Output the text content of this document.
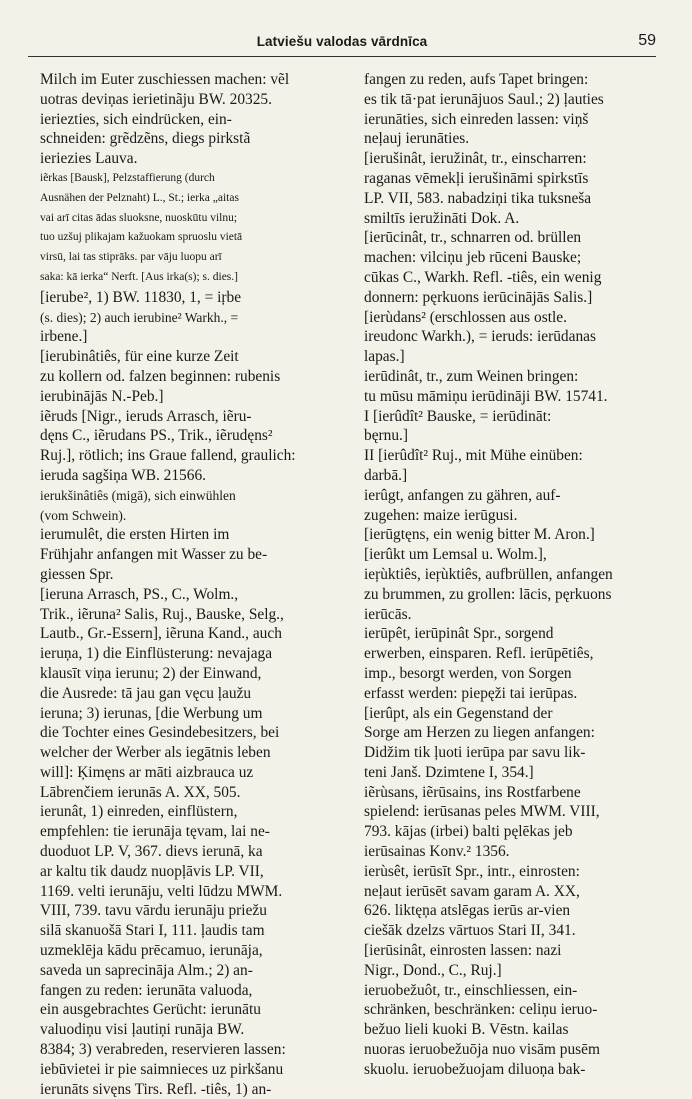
Latviešu valodas vārdnīca	59
Milch im Euter zuschiessen machen: vẽl
uotras deviņas ierietinãju BW. 20325.
ieriezties, sich eindrücken, ein-
schneiden: grẽdzẽns, diegs pirkstã
ieriezies Lauva.
iẽrkas [Bausk], Pelzstaffierung (durch
Ausnähen der Pelznaht) L., St.; ierka „aitas
vai arī citas ādas sluoksne, nuoskūtu vilnu;
tuo uzšuj plikajam kažuokam spruoslu vietā
virsū, lai tas stiprāks. par vāju luopu arī
saka: kā ierka“ Nerft. [Aus irka(s); s. dies.]
[ierube², 1) BW. 11830, 1, = iŗbe
(s. dies); 2) auch ierubine² Warkh., =
irbene.]
[ierubinâtiês, für eine kurze Zeit
zu kollern od. falzen beginnen: rubenis
ierubinājās N.-Peb.]
iẽruds [Nigr., ieruds Arrasch, iẽru-
dęns C., iẽrudans PS., Trik., iẽrudęns²
Ruj.], rötlich; ins Graue fallend, graulich:
ieruda sagšiņa WB. 21566.
ierukšinâtiês (migā), sich einwühlen
(vom Schwein).
ierumulêt, die ersten Hirten im
Frühjahr anfangen mit Wasser zu be-
giessen Spr.
[ieruna Arrasch, PS., C., Wolm.,
Trik., iẽruna² Salis, Ruj., Bauske, Selg.,
Lautb., Gr.-Essern], iẽruna Kand., auch
ieruņa, 1) die Einflüsterung: nevajaga
klausīt viņa ierunu; 2) der Einwand,
die Ausrede: tā jau gan vęcu ļaužu
ieruna; 3) ierunas, [die Werbung um
die Tochter eines Gesindebesitzers, bei
welcher der Werber als iegātnis leben
will]: Ķimęns ar māti aizbrauca uz
Lābrenčiem ierunās A. XX, 505.
ierunât, 1) einreden, einflüstern,
empfehlen: tie ierunāja tęvam, lai ne-
duoduot LP. V, 367. dievs ierunā, ka
ar kaltu tik daudz nuopļāvis LP. VII,
1169. velti ierunāju, velti lūdzu MWM.
VIII, 739. tavu vārdu ierunāju priežu
silā skanuošā Stari I, 111. ļaudis tam
uzmeklēja kādu prēcamuo, ierunāja,
saveda un saprecināja Alm.; 2) an-
fangen zu reden: ierunāta valuoda,
ein ausgebrachtes Gerücht: ierunātu
valuodiņu visi ļautiņi runāja BW.
8384; 3) verabreden, reservieren lassen:
iebūvietei ir pie saimnieces uz pirkšanu
ierunāts sivęns Tirs. Refl. -tiês, 1) an-
fangen zu reden, aufs Tapet bringen:
es tik tā·pat ierunājuos Saul.; 2) ļauties
ierunāties, sich einreden lassen: viņš
neļauj ierunāties.
[ierušinât, ieružinât, tr., einscharren:
raganas vēmekļi ierušināmi spirkstīs
LP. VII, 583. nabadziņi tika tuksneša
smiltīs ieružināti Dok. A.
[ierūcinât, tr., schnarren od. brüllen
machen: vilciņu jeb rūceni Bauske;
cūkas C., Warkh. Refl. -tiês, ein wenig
donnern: pęrkuons ierūcinājās Salis.]
[ierùdans² (erschlossen aus ostle.
ireudonc Warkh.), = ieruds: ierūdanas
lapas.]
ierūdinât, tr., zum Weinen bringen:
tu mūsu māmiņu ierūdināji BW. 15741.
I [ierûdît² Bauske, = ierūdināt:
bęrnu.]
II [ierûdît² Ruj., mit Mühe einüben:
darbā.]
ierûgt, anfangen zu gähren, auf-
zugehen: maize ierūgusi.
[ierūgtęns, ein wenig bitter M. Aron.]
[ierûkt um Lemsal u. Wolm.],
ieŗùktiês, ieŗùktiês, aufbrüllen, anfangen
zu brummen, zu grollen: lācis, pęrkuons
ierūcās.
ierūpêt, ierūpinât Spr., sorgend
erwerben, einsparen. Refl. ierūpētiês,
imp., besorgt werden, von Sorgen
erfasst werden: piepęži tai ierūpas.
[ierûpt, als ein Gegenstand der
Sorge am Herzen zu liegen anfangen:
Didžim tik ļuoti ierūpa par savu lik-
teni Janš. Dzimtene I, 354.]
iẽrùsans, iẽrūsains, ins Rostfarbene
spielend: ierūsanas peles MWM. VIII,
793. kājas (irbei) balti pęlēkas jeb
ierūsainas Konv.² 1356.
ierùsêt, ierūsīt Spr., intr., einrosten:
neļaut ierūsēt savam garam A. XX,
626. liktęņa atslēgas ierūs ar-vien
ciešāk dzelzs vārtuos Stari II, 341.
[ierūsinât, einrosten lassen: nazi
Nigr., Dond., C., Ruj.]
ieruobežuôt, tr., einschliessen, ein-
schränken, beschränken: celiņu ieruo-
bežuo lieli kuoki B. Vēstn. kailas
nuoras ieruobežuōja nuo visām pusēm
skuolu. ieruobežuojam diluoņa bak-
